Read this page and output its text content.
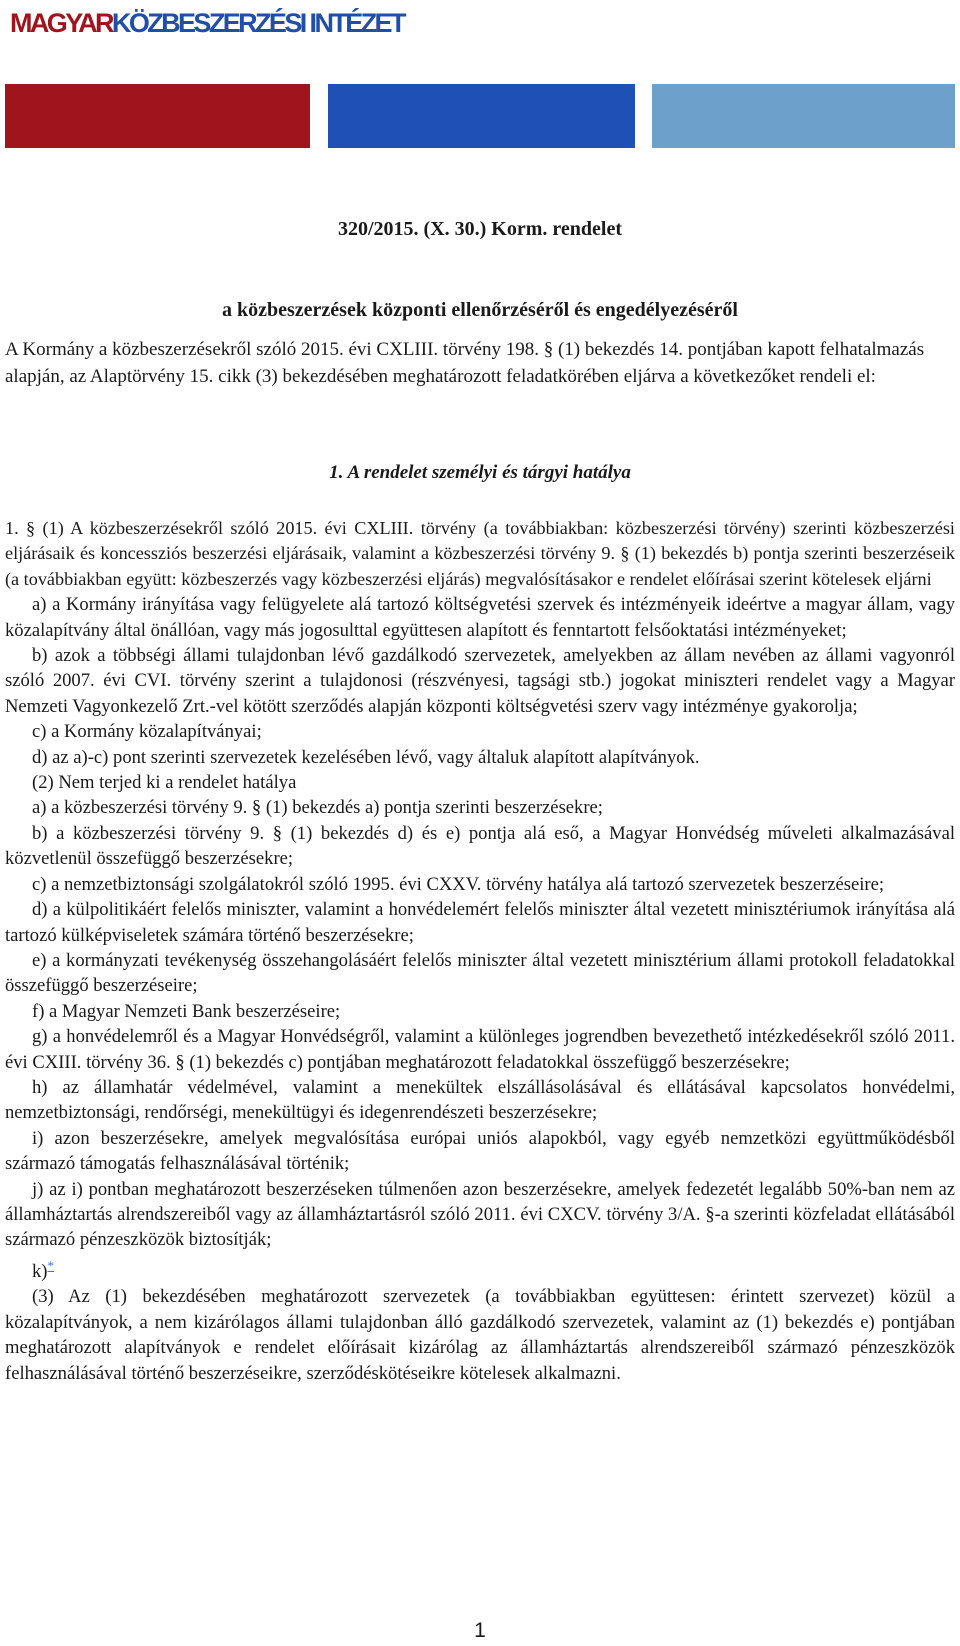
MAGYARKÖZBESZERZÉSI INTÉZET
320/2015. (X. 30.) Korm. rendelet
a közbeszerzések központi ellenőrzéséről és engedélyezéséről
A Kormány a közbeszerzésekről szóló 2015. évi CXLIII. törvény 198. § (1) bekezdés 14. pontjában kapott felhatalmazás alapján, az Alaptörvény 15. cikk (3) bekezdésében meghatározott feladatkörében eljárva a következőket rendeli el:
1. A rendelet személyi és tárgyi hatálya

1. § (1) A közbeszerzésekről szóló 2015. évi CXLIII. törvény (a továbbiakban: közbeszerzési törvény) szerinti közbeszerzési eljárásaik és koncessziós beszerzési eljárásaik, valamint a közbeszerzési törvény 9. § (1) bekezdés b) pontja szerinti beszerzéseik (a továbbiakban együtt: közbeszerzés vagy közbeszerzési eljárás) megvalósításakor e rendelet előírásai szerint kötelesek eljárni

a) a Kormány irányítása vagy felügyelete alá tartozó költségvetési szervek és intézményeik ideértve a magyar állam, vagy közalapítvány által önállóan, vagy más jogosulttal együttesen alapított és fenntartott felsőoktatási intézményeket;

b) azok a többségi állami tulajdonban lévő gazdálkodó szervezetek, amelyekben az állam nevében az állami vagyonról szóló 2007. évi CVI. törvény szerint a tulajdonosi (részvényesi, tagsági stb.) jogokat miniszteri rendelet vagy a Magyar Nemzeti Vagyonkezelő Zrt.-vel kötött szerződés alapján központi költségvetési szerv vagy intézménye gyakorolja;

c) a Kormány közalapítványai;

d) az a)-c) pont szerinti szervezetek kezelésében lévő, vagy általuk alapított alapítványok.

(2) Nem terjed ki a rendelet hatálya

a) a közbeszerzési törvény 9. § (1) bekezdés a) pontja szerinti beszerzésekre;

b) a közbeszerzési törvény 9. § (1) bekezdés d) és e) pontja alá eső, a Magyar Honvédség műveleti alkalmazásával közvetlenül összefüggő beszerzésekre;

c) a nemzetbiztonsági szolgálatokról szóló 1995. évi CXXV. törvény hatálya alá tartozó szervezetek beszerzéseire;

d) a külpolitikáért felelős miniszter, valamint a honvédelemért felelős miniszter által vezetett minisztériumok irányítása alá tartozó külképviseletek számára történő beszerzésekre;

e) a kormányzati tevékenység összehangolásáért felelős miniszter által vezetett minisztérium állami protokoll feladatokkal összefüggő beszerzéseire;

f) a Magyar Nemzeti Bank beszerzéseire;

g) a honvédelemről és a Magyar Honvédségről, valamint a különleges jogrendben bevezethető intézkedésekről szóló 2011. évi CXIII. törvény 36. § (1) bekezdés c) pontjában meghatározott feladatokkal összefüggő beszerzésekre;

h) az államhatár védelmével, valamint a menekültek elszállásolásával és ellátásával kapcsolatos honvédelmi, nemzetbiztonsági, rendőrségi, menekültügyi és idegenrendészeti beszerzésekre;

i) azon beszerzésekre, amelyek megvalósítása európai uniós alapokból, vagy egyéb nemzetközi együttműködésből származó támogatás felhasználásával történik;

j) az i) pontban meghatározott beszerzéseken túlmenően azon beszerzésekre, amelyek fedezetét legalább 50%-ban nem az államháztartás alrendszereiből vagy az államháztartásról szóló 2011. évi CXCV. törvény 3/A. §-a szerinti közfeladat ellátásából származó pénzeszközök biztosítják;

k)*

(3) Az (1) bekezdésében meghatározott szervezetek (a továbbiakban együttesen: érintett szervezet) közül a közalapítványok, a nem kizárólagos állami tulajdonban álló gazdálkodó szervezetek, valamint az (1) bekezdés e) pontjában meghatározott alapítványok e rendelet előírásait kizárólag az államháztartás alrendszereiből származó pénzeszközök felhasználásával történő beszerzéseikre, szerződéskötéseikre kötelesek alkalmazni.

1
